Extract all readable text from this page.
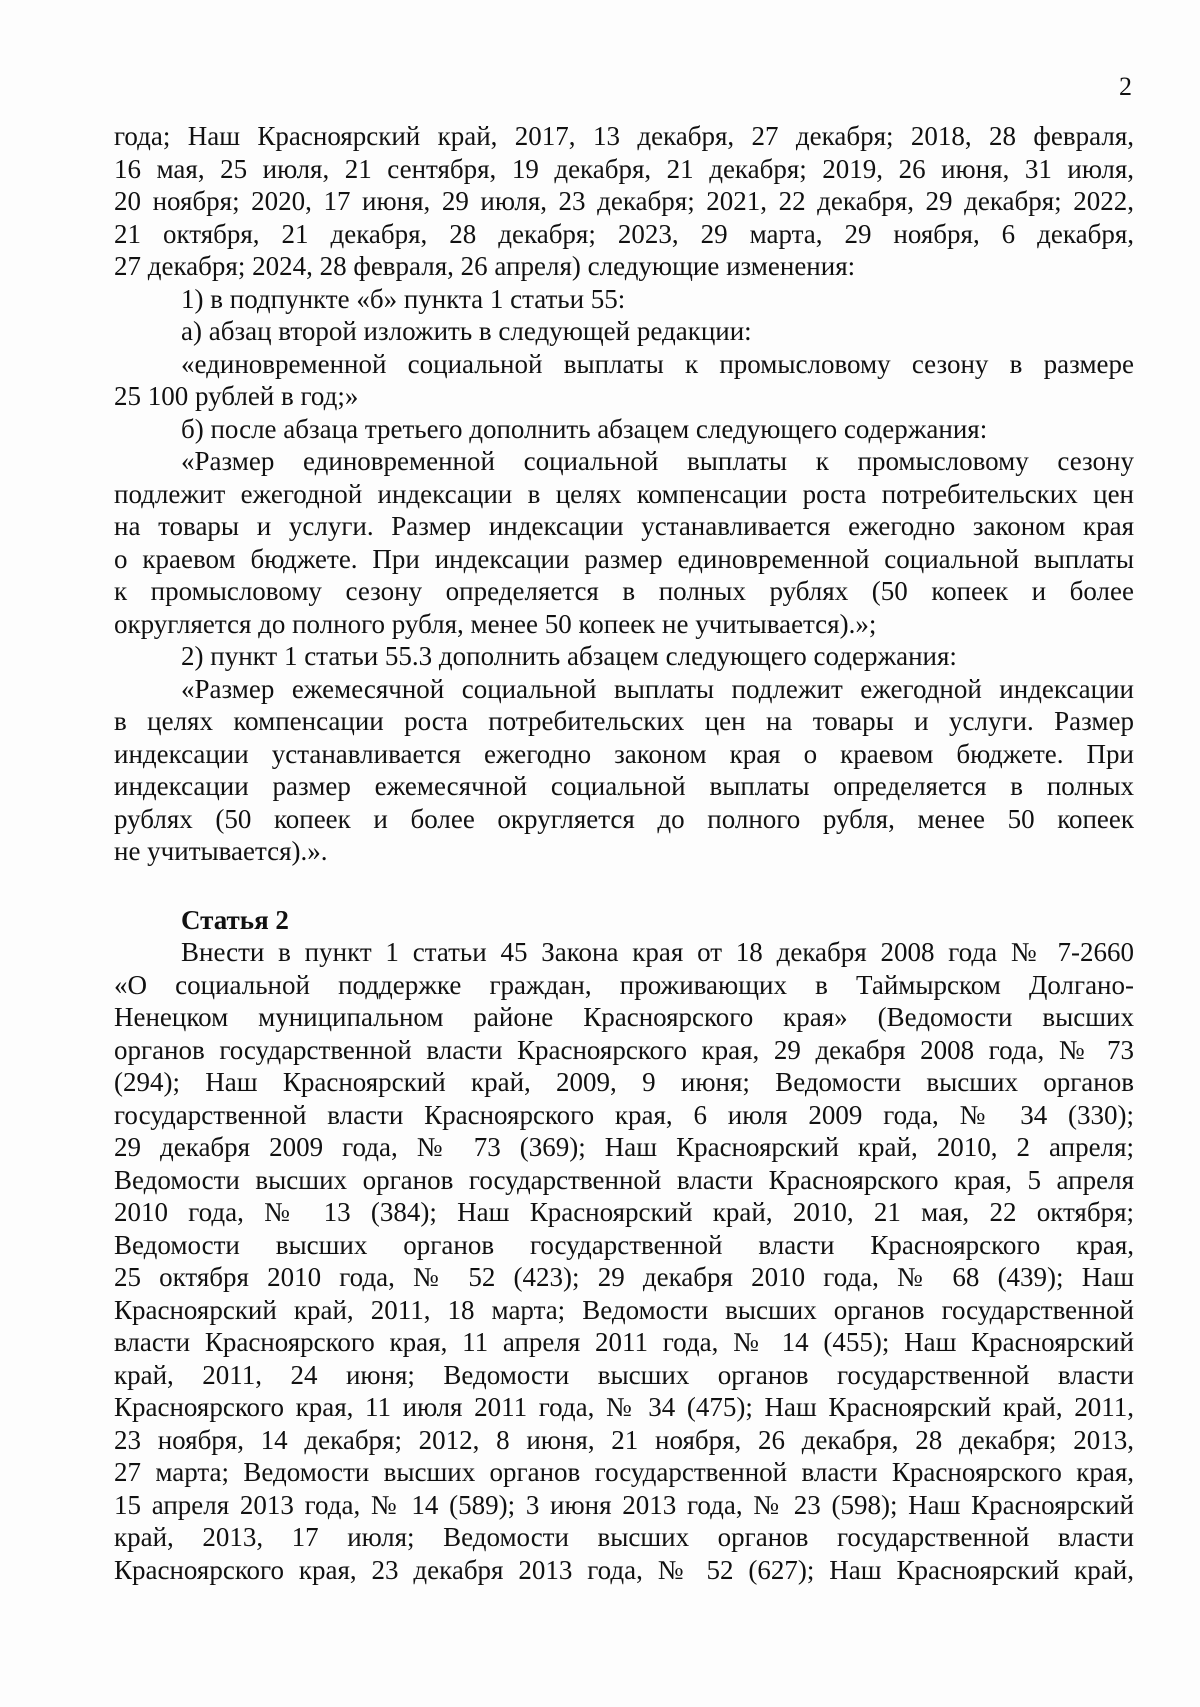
2

года; Наш Красноярский край, 2017, 13 декабря, 27 декабря; 2018, 28 февраля,

16 мая, 25 июля, 21 сентября, 19 декабря, 21 декабря; 2019, 26 июня, 31 июля,

20 ноября; 2020, 17 июня, 29 июля, 23 декабря; 2021, 22 декабря, 29 декабря; 2022,

21 октября, 21 декабря, 28 декабря; 2023, 29 марта, 29 ноября, 6 декабря,

27 декабря; 2024, 28 февраля, 26 апреля) следующие изменения:

1) в подпункте «б» пункта 1 статьи 55:

а) абзац второй изложить в следующей редакции:

«единовременной социальной выплаты к промысловому сезону в размере

25 100 рублей в год;»

б) после абзаца третьего дополнить абзацем следующего содержания:

«Размер единовременной социальной выплаты к промысловому сезону

подлежит ежегодной индексации в целях компенсации роста потребительских цен

на товары и услуги. Размер индексации устанавливается ежегодно законом края

о краевом бюджете. При индексации размер единовременной социальной выплаты

к промысловому сезону определяется в полных рублях (50 копеек и более

округляется до полного рубля, менее 50 копеек не учитывается).»;

2) пункт 1 статьи 55.3 дополнить абзацем следующего содержания:

«Размер ежемесячной социальной выплаты подлежит ежегодной индексации

в целях компенсации роста потребительских цен на товары и услуги. Размер

индексации устанавливается ежегодно законом края о краевом бюджете. При

индексации размер ежемесячной социальной выплаты определяется в полных

рублях (50 копеек и более округляется до полного рубля, менее 50 копеек

не учитывается).».

Статья 2

Внести в пункт 1 статьи 45 Закона края от 18 декабря 2008 года № 7-2660

«О социальной поддержке граждан, проживающих в Таймырском Долгано-

Ненецком муниципальном районе Красноярского края» (Ведомости высших

органов государственной власти Красноярского края, 29 декабря 2008 года, № 73

(294); Наш Красноярский край, 2009, 9 июня; Ведомости высших органов

государственной власти Красноярского края, 6 июля 2009 года, № 34 (330);

29 декабря 2009 года, № 73 (369); Наш Красноярский край, 2010, 2 апреля;

Ведомости высших органов государственной власти Красноярского края, 5 апреля

2010 года, № 13 (384); Наш Красноярский край, 2010, 21 мая, 22 октября;

Ведомости высших органов государственной власти Красноярского края,

25 октября 2010 года, № 52 (423); 29 декабря 2010 года, № 68 (439); Наш

Красноярский край, 2011, 18 марта; Ведомости высших органов государственной

власти Красноярского края, 11 апреля 2011 года, № 14 (455); Наш Красноярский

край, 2011, 24 июня; Ведомости высших органов государственной власти

Красноярского края, 11 июля 2011 года, № 34 (475); Наш Красноярский край, 2011,

23 ноября, 14 декабря; 2012, 8 июня, 21 ноября, 26 декабря, 28 декабря; 2013,

27 марта; Ведомости высших органов государственной власти Красноярского края,

15 апреля 2013 года, № 14 (589); 3 июня 2013 года, № 23 (598); Наш Красноярский

край, 2013, 17 июля; Ведомости высших органов государственной власти

Красноярского края, 23 декабря 2013 года, № 52 (627); Наш Красноярский край,
